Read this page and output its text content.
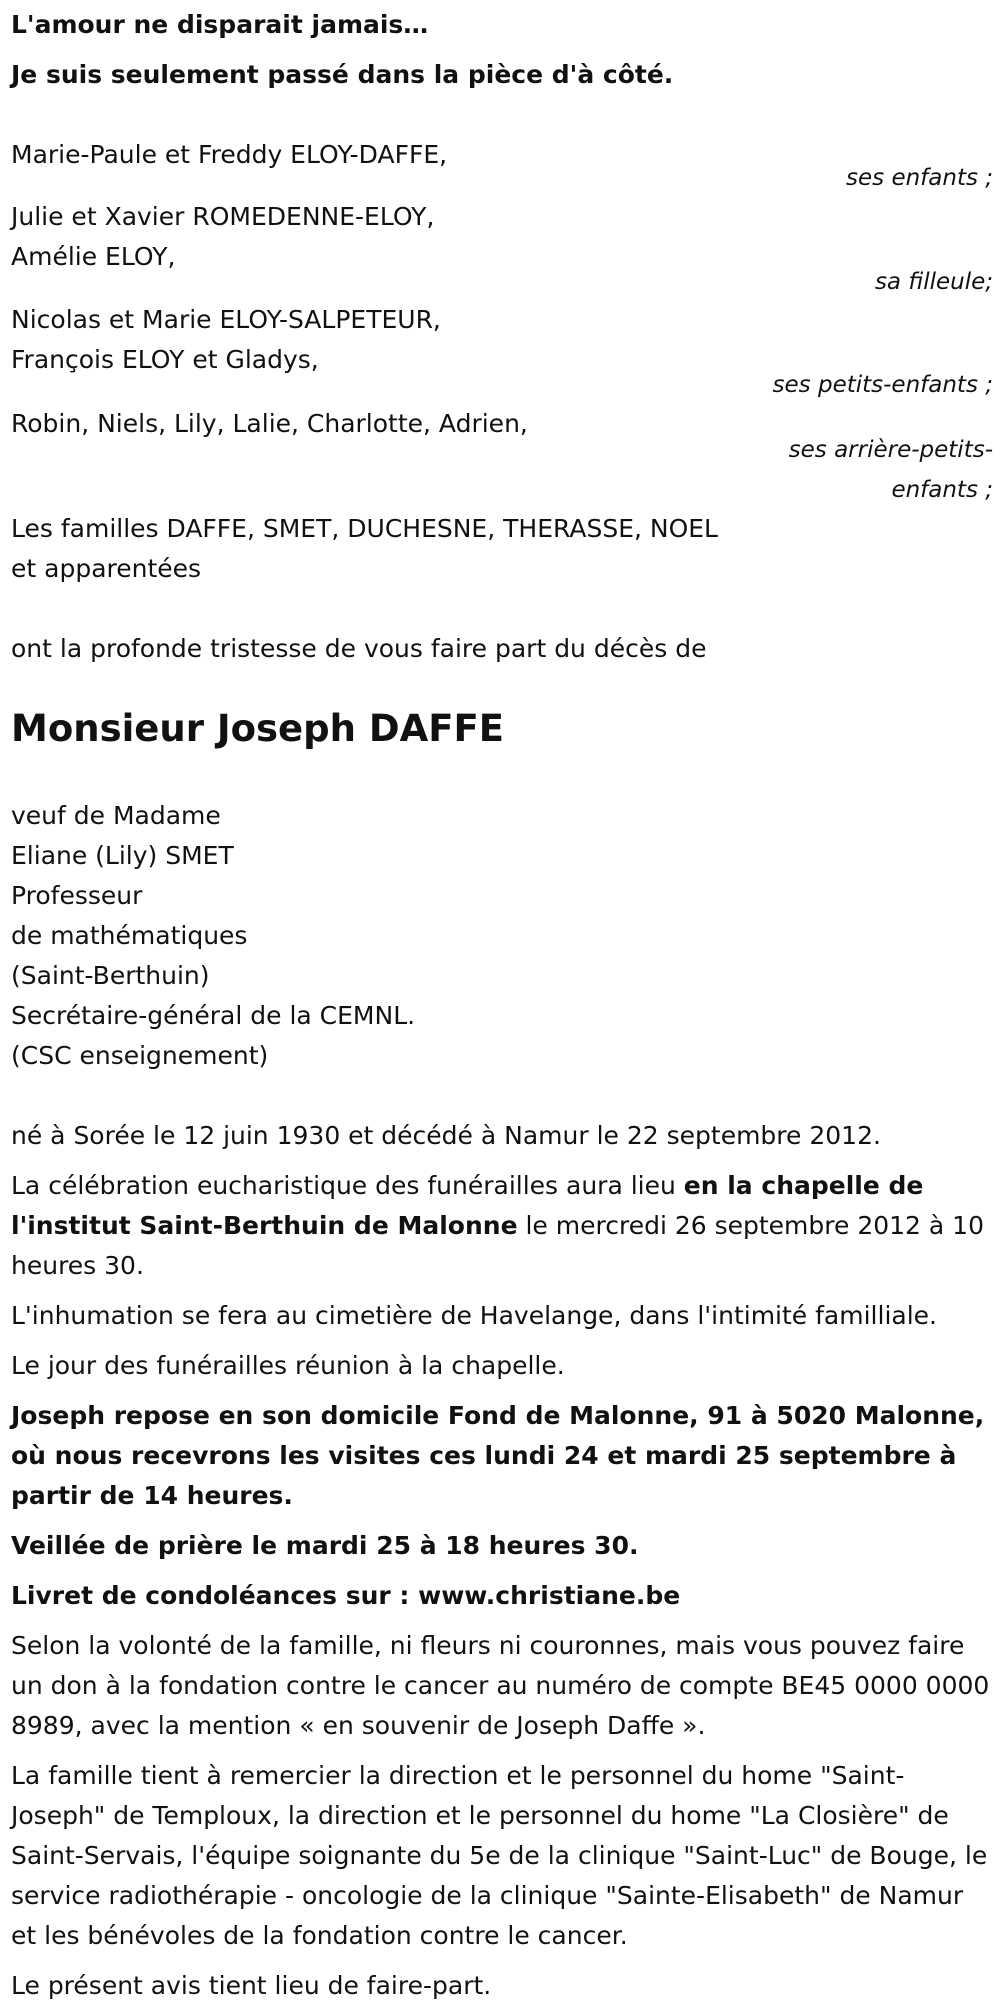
L'amour ne disparait jamais…
Je suis seulement passé dans la pièce d'à côté.
Marie-Paule et Freddy ELOY-DAFFE,
ses enfants ;
Julie et Xavier ROMEDENNE-ELOY,
Amélie ELOY,
sa filleule;
Nicolas et Marie ELOY-SALPETEUR,
François ELOY et Gladys,
ses petits-enfants ;
Robin, Niels, Lily, Lalie, Charlotte, Adrien,
ses arrière-petits-
enfants ;
Les familles DAFFE, SMET, DUCHESNE, THERASSE, NOEL
et apparentées
ont la profonde tristesse de vous faire part du décès de
Monsieur Joseph DAFFE
veuf de Madame
Eliane (Lily) SMET
Professeur
de mathématiques
(Saint-Berthuin)
Secrétaire-général de la CEMNL.
(CSC enseignement)

né à Sorée le 12 juin 1930 et décédé à Namur le 22 septembre 2012.

La célébration eucharistique des funérailles aura lieu en la chapelle de l'institut Saint-Berthuin de Malonne le mercredi 26 septembre 2012 à 10 heures 30.

L'inhumation se fera au cimetière de Havelange, dans l'intimité familliale.

Le jour des funérailles réunion à la chapelle.

Joseph repose en son domicile Fond de Malonne, 91 à 5020 Malonne, où nous recevrons les visites ces lundi 24 et mardi 25 septembre à partir de 14 heures.

Veillée de prière le mardi 25 à 18 heures 30.

Livret de condoléances sur : www.christiane.be

Selon la volonté de la famille, ni fleurs ni couronnes, mais vous pouvez faire un don à la fondation contre le cancer au numéro de compte BE45 0000 0000 8989, avec la mention « en souvenir de Joseph Daffe ».

La famille tient à remercier la direction et le personnel du home "Saint-Joseph" de Temploux, la direction et le personnel du home "La Closière" de Saint-Servais, l'équipe soignante du 5e de la clinique "Saint-Luc" de Bouge, le service radiothérapie - oncologie de la clinique "Sainte-Elisabeth" de Namur et les bénévoles de la fondation contre le cancer.

Le présent avis tient lieu de faire-part.
